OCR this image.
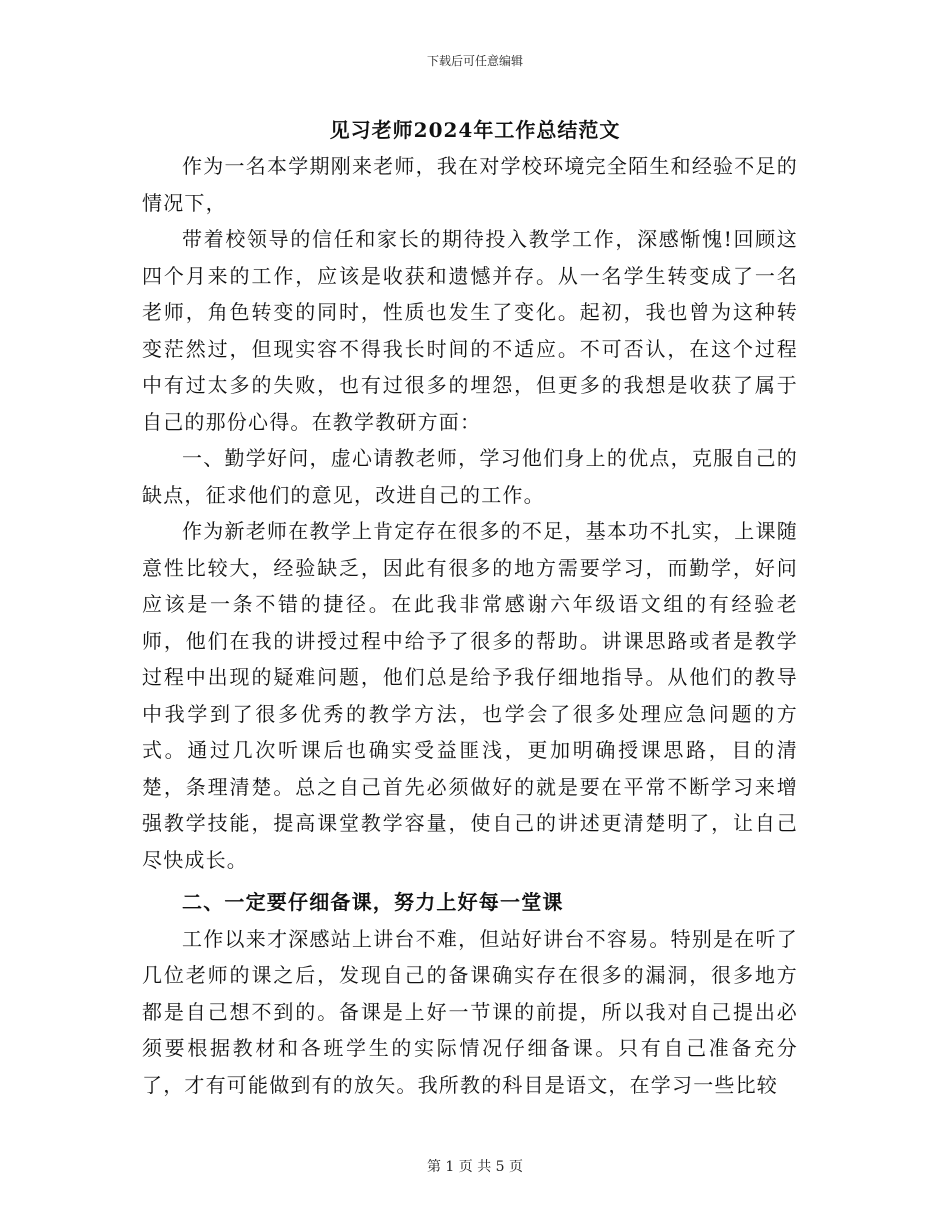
下载后可任意编辑
见习老师2024年工作总结范文

作为一名本学期刚来老师，我在对学校环境完全陌生和经验不足的情况下，

带着校领导的信任和家长的期待投入教学工作，深感惭愧!回顾这四个月来的工作，应该是收获和遗憾并存。从一名学生转变成了一名老师，角色转变的同时，性质也发生了变化。起初，我也曾为这种转变茫然过，但现实容不得我长时间的不适应。不可否认，在这个过程中有过太多的失败，也有过很多的埋怨，但更多的我想是收获了属于自己的那份心得。在教学教研方面：

一、勤学好问，虚心请教老师，学习他们身上的优点，克服自己的缺点，征求他们的意见，改进自己的工作。

作为新老师在教学上肯定存在很多的不足，基本功不扎实，上课随意性比较大，经验缺乏，因此有很多的地方需要学习，而勤学，好问应该是一条不错的捷径。在此我非常感谢六年级语文组的有经验老师，他们在我的讲授过程中给予了很多的帮助。讲课思路或者是教学过程中出现的疑难问题，他们总是给予我仔细地指导。从他们的教导中我学到了很多优秀的教学方法，也学会了很多处理应急问题的方式。通过几次听课后也确实受益匪浅，更加明确授课思路，目的清楚，条理清楚。总之自己首先必须做好的就是要在平常不断学习来增强教学技能，提高课堂教学容量，使自己的讲述更清楚明了，让自己尽快成长。

二、一定要仔细备课，努力上好每一堂课

工作以来才深感站上讲台不难，但站好讲台不容易。特别是在听了几位老师的课之后，发现自己的备课确实存在很多的漏洞，很多地方都是自己想不到的。备课是上好一节课的前提，所以我对自己提出必须要根据教材和各班学生的实际情况仔细备课。只有自己准备充分了，才有可能做到有的放矢。我所教的科目是语文，在学习一些比较

第 1 页 共 5 页
